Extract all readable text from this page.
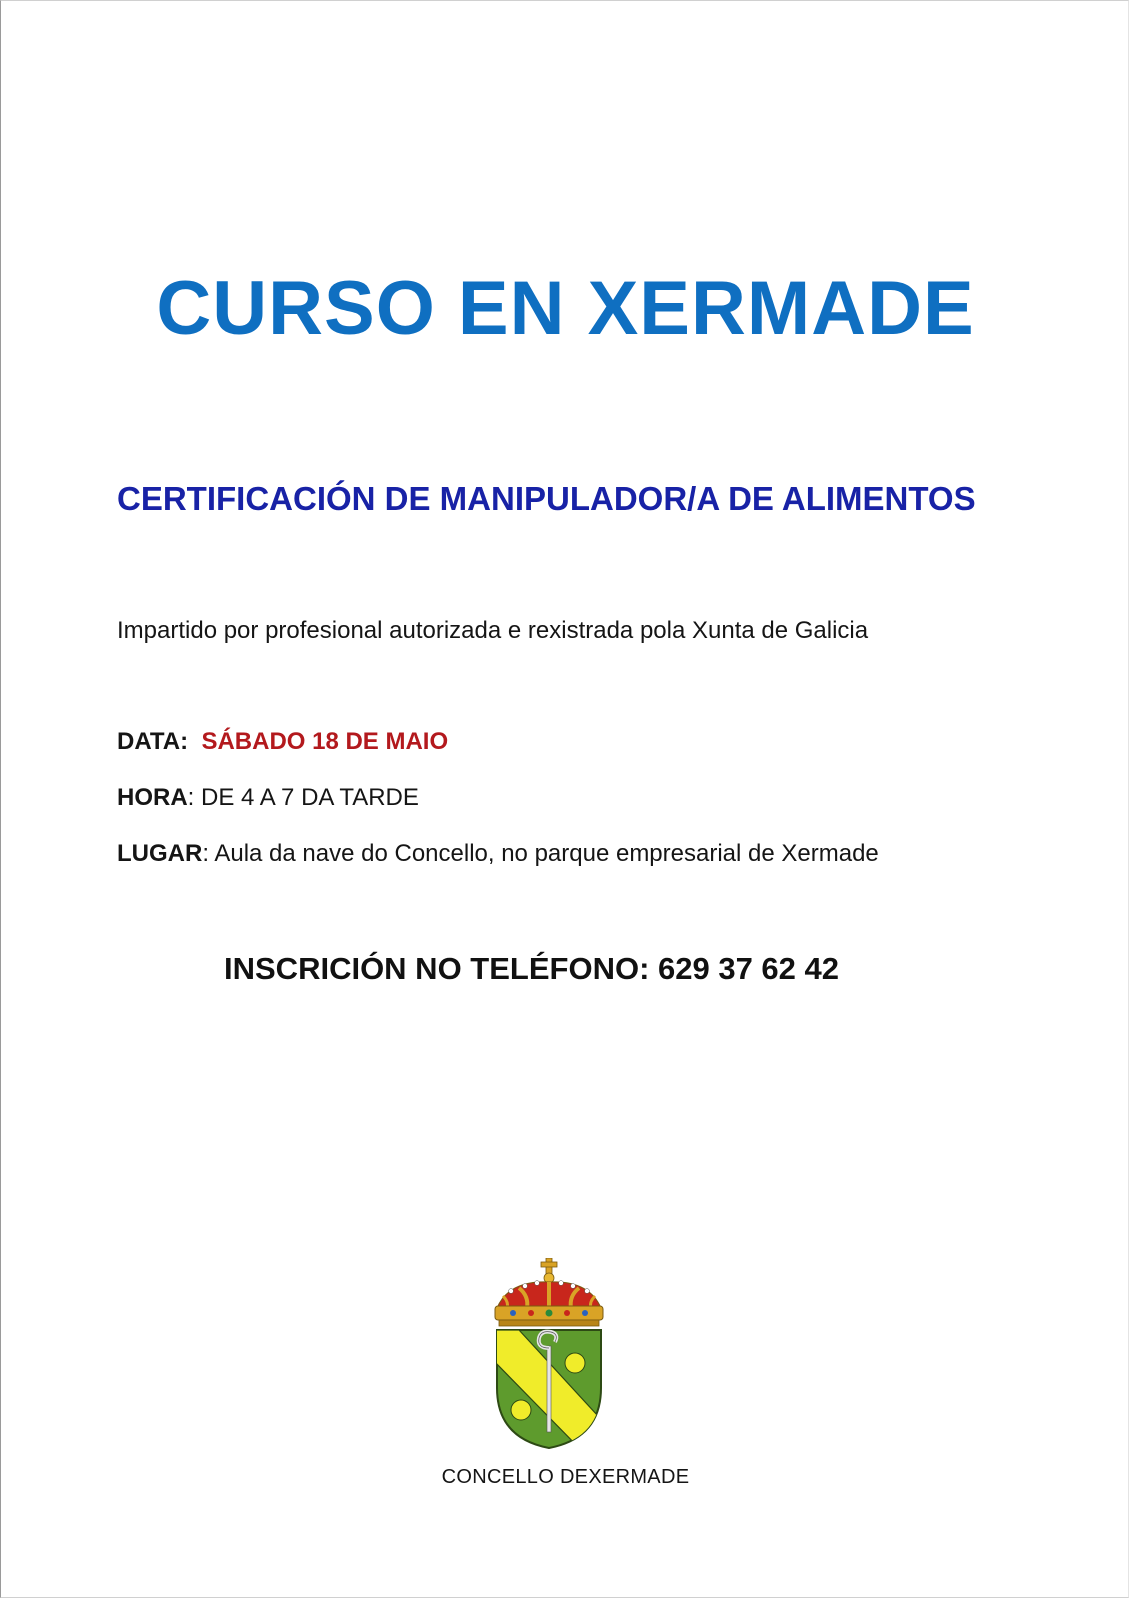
CURSO EN XERMADE
CERTIFICACIÓN DE MANIPULADOR/A DE ALIMENTOS

Impartido por profesional autorizada e rexistrada pola Xunta de Galicia

DATA: SÁBADO 18 DE MAIO

HORA: DE 4 A 7 DA TARDE

LUGAR: Aula da nave do Concello, no parque empresarial de Xermade

INSCRICIÓN NO TELÉFONO: 629 37 62 42

CONCELLO DEXERMADE
